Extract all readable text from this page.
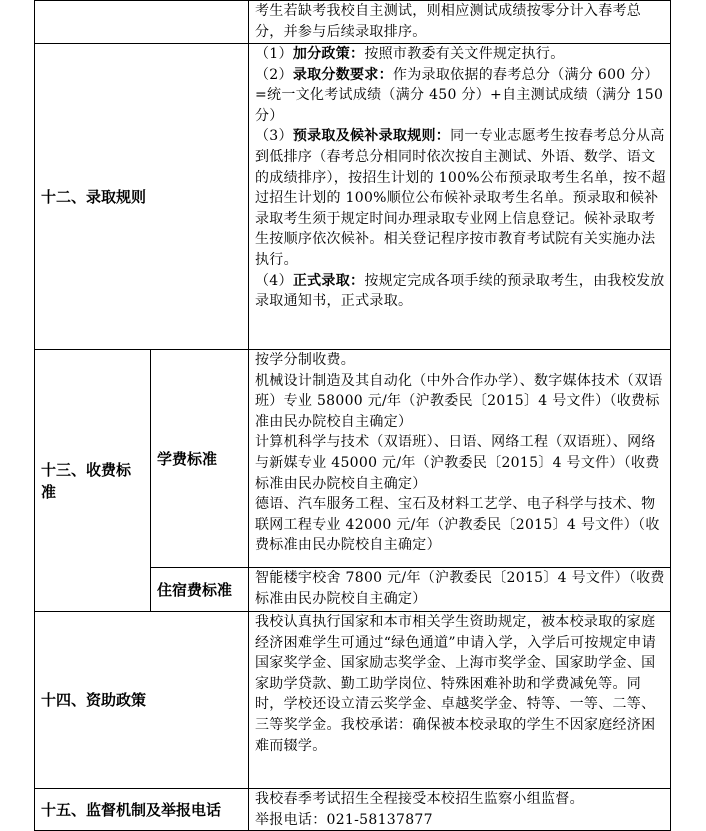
		考生若缺考我校自主测试，则相应测试成绩按零分计入春考总分，并参与后续录取排序。

十二、录取规则		（1）加分政策：按照市教委有关文件规定执行。

（2）录取分数要求：作为录取依据的春考总分（满分 600 分）=统一文化考试成绩（满分 450 分）+自主测试成绩（满分 150 分）

（3）预录取及候补录取规则：同一专业志愿考生按春考总分从高到低排序（春考总分相同时依次按自主测试、外语、数学、语文的成绩排序），按招生计划的 100%公布预录取考生名单，按不超过招生计划的 100%顺位公布候补录取考生名单。预录取和候补录取考生须于规定时间办理录取专业网上信息登记。候补录取考生按顺序依次候补。相关登记程序按市教育考试院有关实施办法执行。

（4）正式录取：按规定完成各项手续的预录取考生，由我校发放录取通知书，正式录取。

十三、收费标准	学费标准	按学分制收费。

机械设计制造及其自动化（中外合作办学）、数字媒体技术（双语班）专业 58000 元/年（沪教委民〔2015〕4 号文件）（收费标准由民办院校自主确定）

计算机科学与技术（双语班）、日语、网络工程（双语班）、网络与新媒专业 45000 元/年（沪教委民〔2015〕4 号文件）（收费标准由民办院校自主确定）

德语、汽车服务工程、宝石及材料工艺学、电子科学与技术、物联网工程专业 42000 元/年（沪教委民〔2015〕4 号文件）（收费标准由民办院校自主确定）

	住宿费标准	智能楼宇校舍 7800 元/年（沪教委民〔2015〕4 号文件）（收费标准由民办院校自主确定）

十四、资助政策		我校认真执行国家和本市相关学生资助规定，被本校录取的家庭经济困难学生可通过“绿色通道”申请入学，入学后可按规定申请国家奖学金、国家励志奖学金、上海市奖学金、国家助学金、国家助学贷款、勤工助学岗位、特殊困难补助和学费减免等。同时，学校还设立清云奖学金、卓越奖学金、特等、一等、二等、三等奖学金。我校承诺：确保被本校录取的学生不因家庭经济困难而辍学。

十五、监督机制及举报电话		我校春季考试招生全程接受本校招生监察小组监督。

举报电话：021-58137877
